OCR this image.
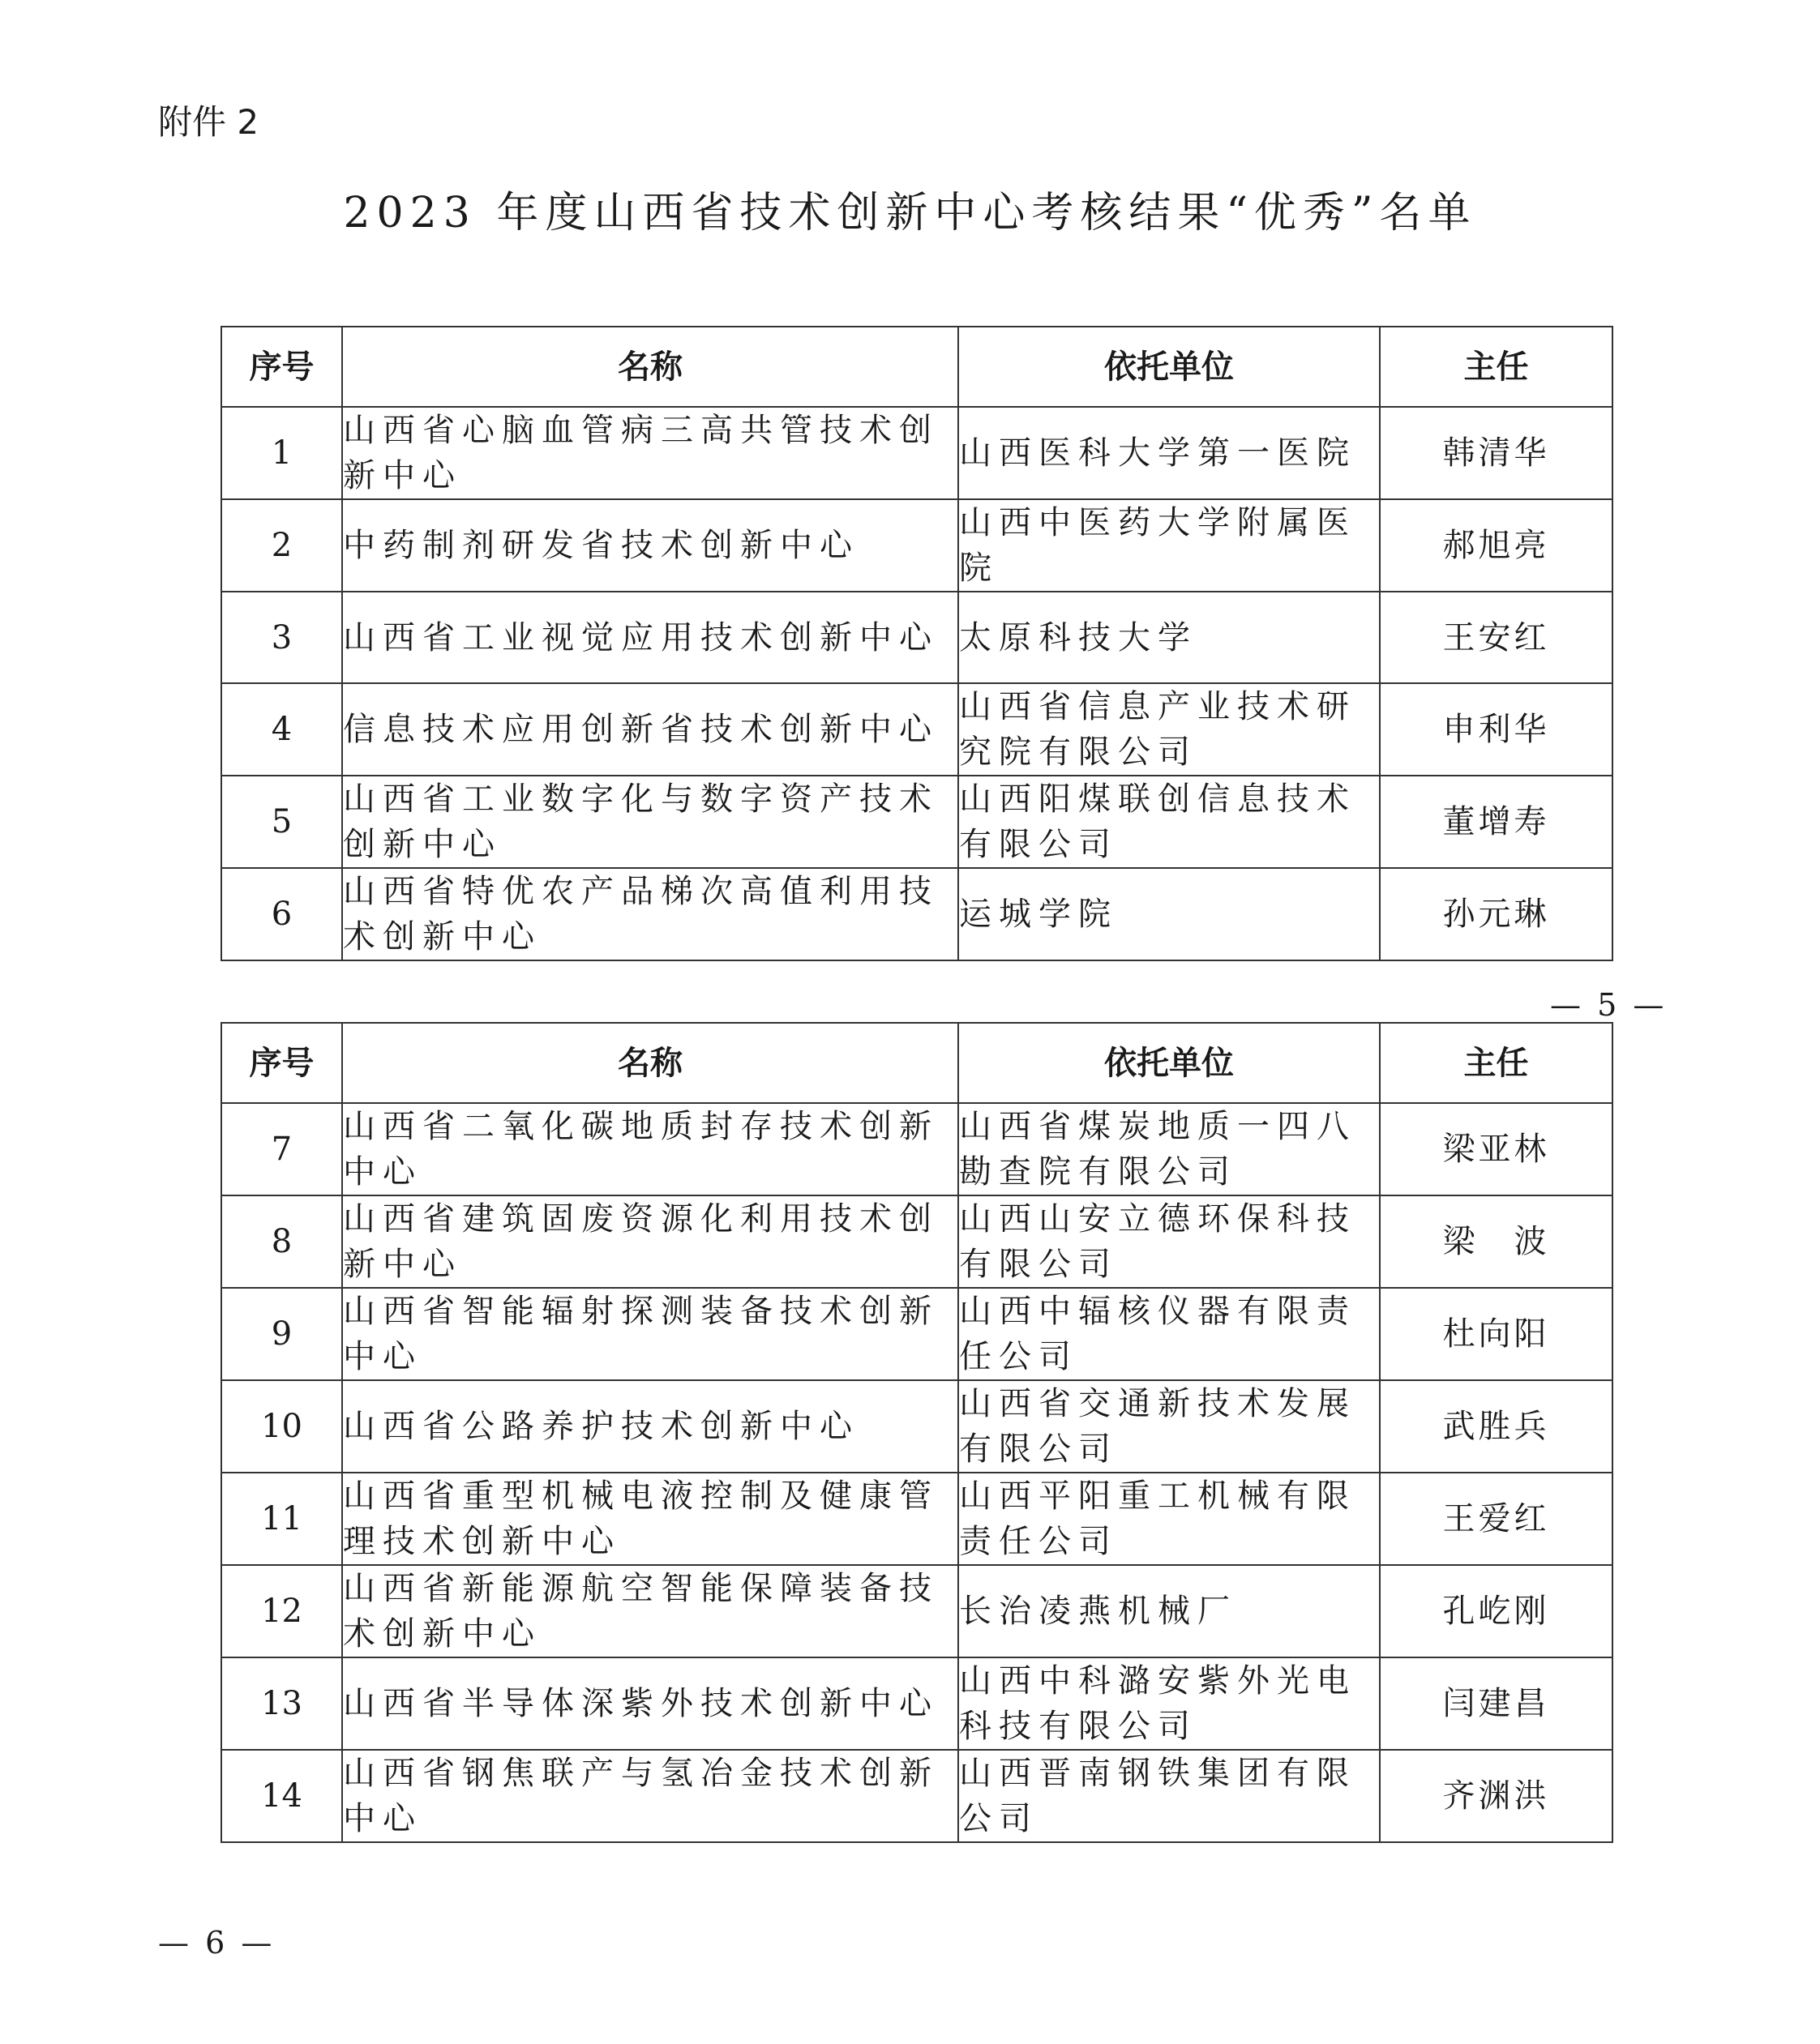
附件 2
2023 年度山西省技术创新中心考核结果“优秀”名单
序号	名称	依托单位	主任
1	山西省心脑血管病三高共管技术创新中心	山西医科大学第一医院	韩清华
2	中药制剂研发省技术创新中心	山西中医药大学附属医院	郝旭亮
3	山西省工业视觉应用技术创新中心	太原科技大学	王安红
4	信息技术应用创新省技术创新中心	山西省信息产业技术研究院有限公司	申利华
5	山西省工业数字化与数字资产技术创新中心	山西阳煤联创信息技术有限公司	董增寿
6	山西省特优农产品梯次高值利用技术创新中心	运城学院	孙元琳
— 5 —
序号	名称	依托单位	主任
7	山西省二氧化碳地质封存技术创新中心	山西省煤炭地质一四八勘查院有限公司	梁亚林
8	山西省建筑固废资源化利用技术创新中心	山西山安立德环保科技有限公司	梁　波
9	山西省智能辐射探测装备技术创新中心	山西中辐核仪器有限责任公司	杜向阳
10	山西省公路养护技术创新中心	山西省交通新技术发展有限公司	武胜兵
11	山西省重型机械电液控制及健康管理技术创新中心	山西平阳重工机械有限责任公司	王爱红
12	山西省新能源航空智能保障装备技术创新中心	长治凌燕机械厂	孔屹刚
13	山西省半导体深紫外技术创新中心	山西中科潞安紫外光电科技有限公司	闫建昌
14	山西省钢焦联产与氢冶金技术创新中心	山西晋南钢铁集团有限公司	齐渊洪
— 6 —
